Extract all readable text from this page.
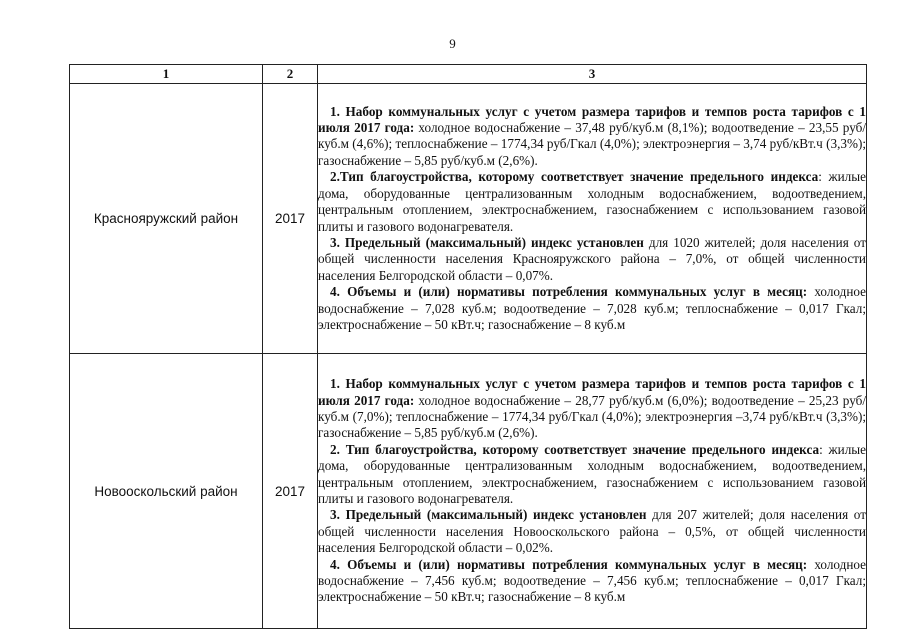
9
1	2	3
Краснояружский район	2017	1. Набор коммунальных услуг с учетом размера тарифов и темпов роста тарифов с 1 июля 2017 года: холодное водоснабжение – 37,48 руб/куб.м (8,1%); водоотведение – 23,55 руб/куб.м (4,6%); теплоснабжение – 1774,34 руб/Гкал (4,0%); электроэнергия – 3,74 руб/кВт.ч (3,3%); газоснабжение – 5,85 руб/куб.м (2,6%).

2.Тип благоустройства, которому соответствует значение предельного индекса: жилые дома, оборудованные централизованным холодным водоснабжением, водоотведением, центральным отоплением, электроснабжением, газоснабжением с использованием газовой плиты и газового водонагревателя.

3. Предельный (максимальный) индекс установлен для 1020 жителей; доля населения от общей численности населения Краснояружского района – 7,0%, от общей численности населения Белгородской области – 0,07%.

4. Объемы и (или) нормативы потребления коммунальных услуг в месяц: холодное водоснабжение – 7,028 куб.м; водоотведение – 7,028 куб.м; теплоснабжение – 0,017 Гкал; электроснабжение – 50 кВт.ч; газоснабжение – 8 куб.м

Новооскольский район	2017	1. Набор коммунальных услуг с учетом размера тарифов и темпов роста тарифов с 1 июля 2017 года: холодное водоснабжение – 28,77 руб/куб.м (6,0%); водоотведение – 25,23 руб/куб.м (7,0%); теплоснабжение – 1774,34 руб/Гкал (4,0%); электроэнергия –3,74 руб/кВт.ч (3,3%); газоснабжение – 5,85 руб/куб.м (2,6%).

2. Тип благоустройства, которому соответствует значение предельного индекса: жилые дома, оборудованные централизованным холодным водоснабжением, водоотведением, центральным отоплением, электроснабжением, газоснабжением с использованием газовой плиты и газового водонагревателя.

3. Предельный (максимальный) индекс установлен для 207 жителей; доля населения от общей численности населения Новооскольского района – 0,5%, от общей численности населения Белгородской области – 0,02%.

4. Объемы и (или) нормативы потребления коммунальных услуг в месяц: холодное водоснабжение – 7,456 куб.м; водоотведение – 7,456 куб.м; теплоснабжение – 0,017 Гкал; электроснабжение – 50 кВт.ч; газоснабжение – 8 куб.м
